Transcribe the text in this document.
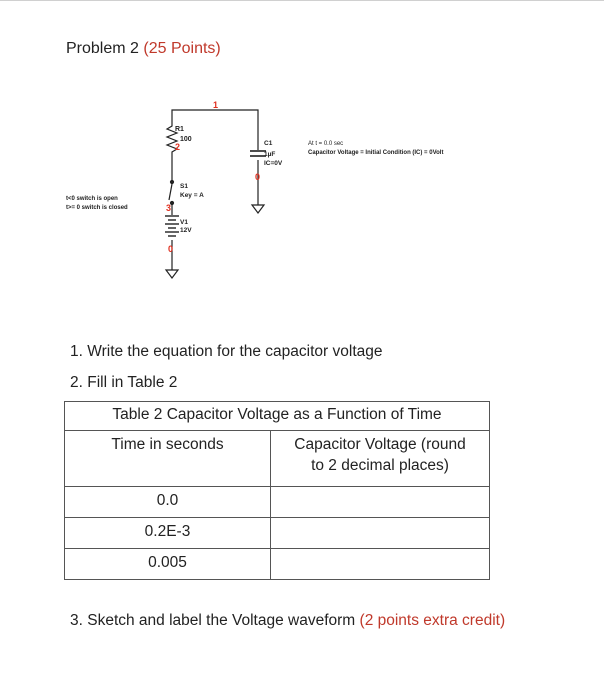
Problem 2 (25 Points)
1
R1
100
2
S1
Key = A
3
V1
12V
0
C1
1µF
IC=0V
0
At t = 0.0 sec
Capacitor Voltage = Initial Condition (IC) = 0Volt
t<0 switch is open
t>= 0 switch is closed
1. Write the equation for the capacitor voltage
2. Fill in Table 2
Table 2 Capacitor Voltage as a Function of Time	
Time in seconds	Capacitor Voltage (round
to 2 decimal places)

0.0	
0.2E-3	
0.005	
3. Sketch and label the Voltage waveform (2 points extra credit)
